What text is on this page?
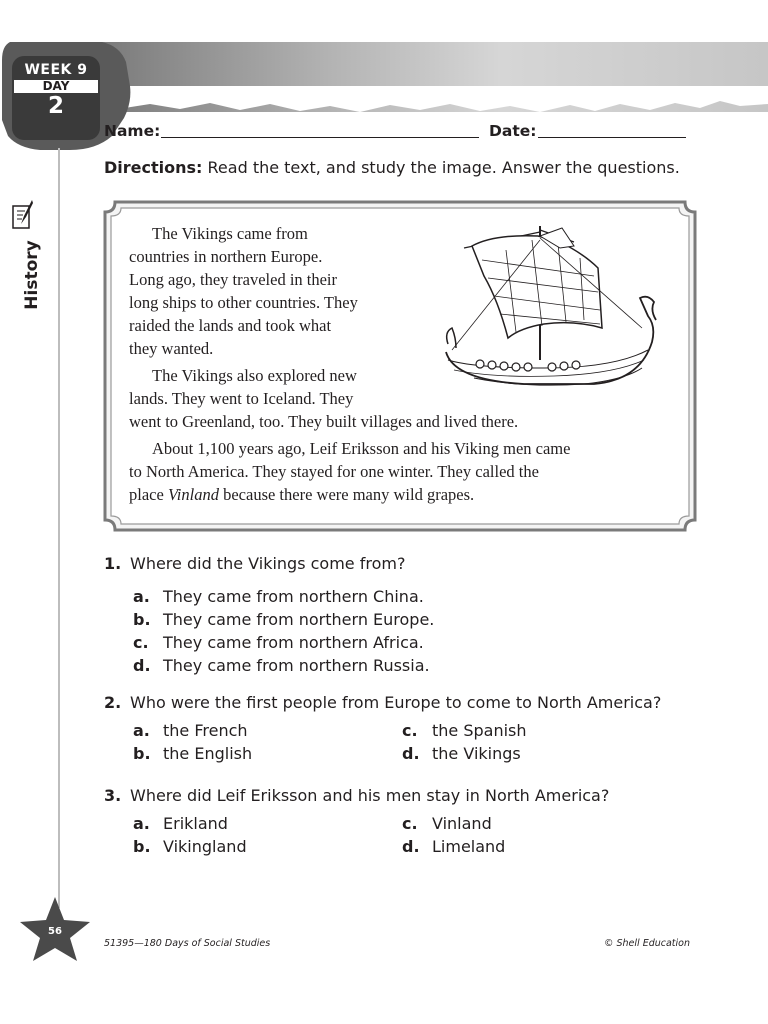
WEEK 9
DAY
2
History
Name:	Date:
Directions: Read the text, and study the image. Answer the questions.
The Vikings came from
countries in northern Europe.
Long ago, they traveled in their
long ships to other countries. They
raided the lands and took what
they wanted.
The Vikings also explored new
lands. They went to Iceland. They
went to Greenland, too. They built villages and lived there.
About 1,100 years ago, Leif Eriksson and his Viking men came
to North America. They stayed for one winter. They called the
place Vinland because there were many wild grapes.
1. Where did the Vikings come from?
a. They came from northern China.
b. They came from northern Europe.
c. They came from northern Africa.
d. They came from northern Russia.
2. Who were the first people from Europe to come to North America?
a. the French
b. the English
c. the Spanish
d. the Vikings
3. Where did Leif Eriksson and his men stay in North America?
a. Erikland
b. Vikingland
c. Vinland
d. Limeland
56
51395—180 Days of Social Studies	© Shell Education
